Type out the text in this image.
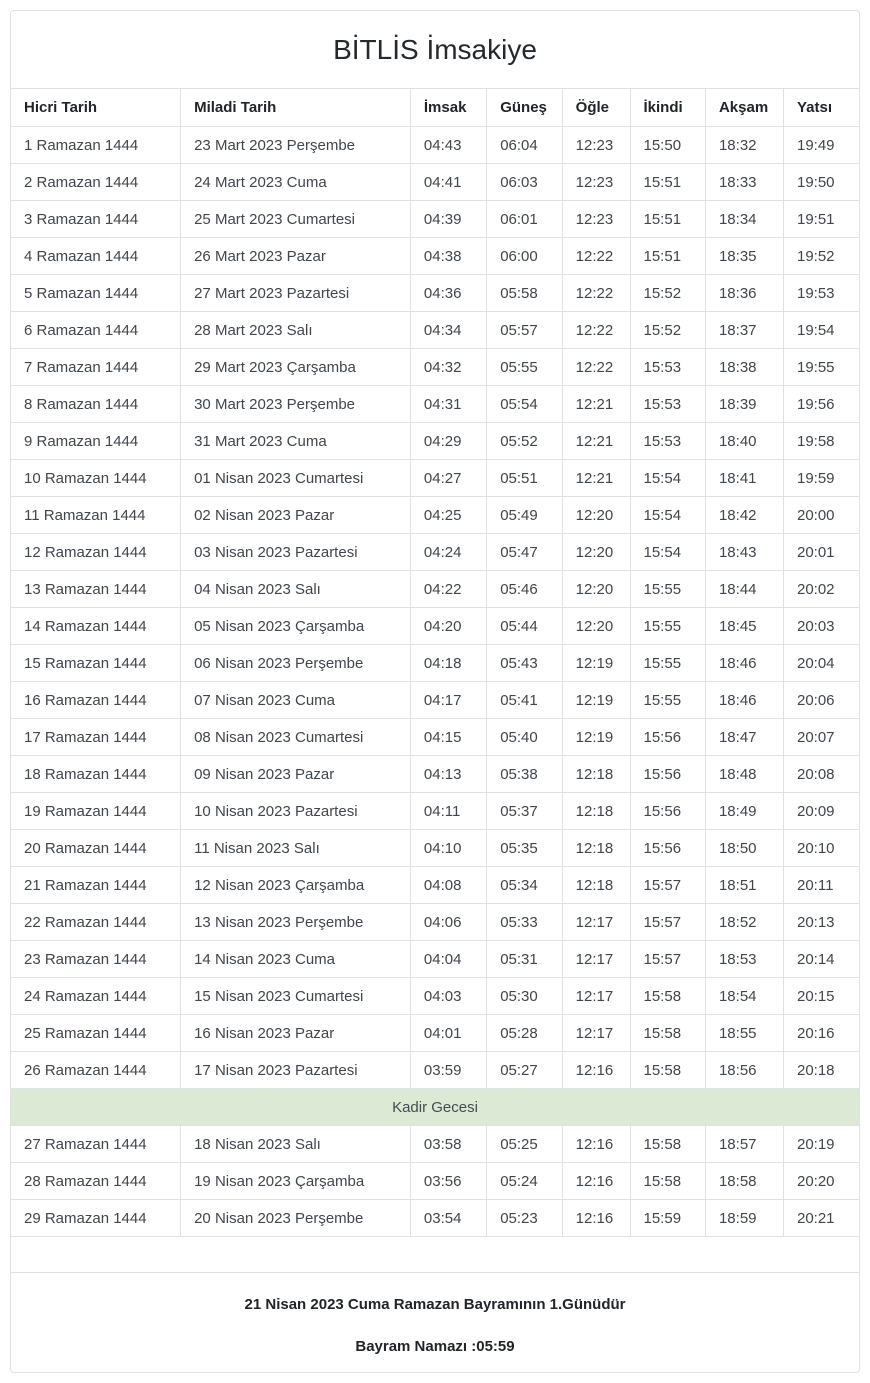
BİTLİS İmsakiye
Hicri Tarih	Miladi Tarih	İmsak	Güneş	Öğle	İkindi	Akşam	Yatsı
1 Ramazan 1444	23 Mart 2023 Perşembe	04:43	06:04	12:23	15:50	18:32	19:49
2 Ramazan 1444	24 Mart 2023 Cuma	04:41	06:03	12:23	15:51	18:33	19:50
3 Ramazan 1444	25 Mart 2023 Cumartesi	04:39	06:01	12:23	15:51	18:34	19:51
4 Ramazan 1444	26 Mart 2023 Pazar	04:38	06:00	12:22	15:51	18:35	19:52
5 Ramazan 1444	27 Mart 2023 Pazartesi	04:36	05:58	12:22	15:52	18:36	19:53
6 Ramazan 1444	28 Mart 2023 Salı	04:34	05:57	12:22	15:52	18:37	19:54
7 Ramazan 1444	29 Mart 2023 Çarşamba	04:32	05:55	12:22	15:53	18:38	19:55
8 Ramazan 1444	30 Mart 2023 Perşembe	04:31	05:54	12:21	15:53	18:39	19:56
9 Ramazan 1444	31 Mart 2023 Cuma	04:29	05:52	12:21	15:53	18:40	19:58
10 Ramazan 1444	01 Nisan 2023 Cumartesi	04:27	05:51	12:21	15:54	18:41	19:59
11 Ramazan 1444	02 Nisan 2023 Pazar	04:25	05:49	12:20	15:54	18:42	20:00
12 Ramazan 1444	03 Nisan 2023 Pazartesi	04:24	05:47	12:20	15:54	18:43	20:01
13 Ramazan 1444	04 Nisan 2023 Salı	04:22	05:46	12:20	15:55	18:44	20:02
14 Ramazan 1444	05 Nisan 2023 Çarşamba	04:20	05:44	12:20	15:55	18:45	20:03
15 Ramazan 1444	06 Nisan 2023 Perşembe	04:18	05:43	12:19	15:55	18:46	20:04
16 Ramazan 1444	07 Nisan 2023 Cuma	04:17	05:41	12:19	15:55	18:46	20:06
17 Ramazan 1444	08 Nisan 2023 Cumartesi	04:15	05:40	12:19	15:56	18:47	20:07
18 Ramazan 1444	09 Nisan 2023 Pazar	04:13	05:38	12:18	15:56	18:48	20:08
19 Ramazan 1444	10 Nisan 2023 Pazartesi	04:11	05:37	12:18	15:56	18:49	20:09
20 Ramazan 1444	11 Nisan 2023 Salı	04:10	05:35	12:18	15:56	18:50	20:10
21 Ramazan 1444	12 Nisan 2023 Çarşamba	04:08	05:34	12:18	15:57	18:51	20:11
22 Ramazan 1444	13 Nisan 2023 Perşembe	04:06	05:33	12:17	15:57	18:52	20:13
23 Ramazan 1444	14 Nisan 2023 Cuma	04:04	05:31	12:17	15:57	18:53	20:14
24 Ramazan 1444	15 Nisan 2023 Cumartesi	04:03	05:30	12:17	15:58	18:54	20:15
25 Ramazan 1444	16 Nisan 2023 Pazar	04:01	05:28	12:17	15:58	18:55	20:16
26 Ramazan 1444	17 Nisan 2023 Pazartesi	03:59	05:27	12:16	15:58	18:56	20:18
Kadir Gecesi							
27 Ramazan 1444	18 Nisan 2023 Salı	03:58	05:25	12:16	15:58	18:57	20:19
28 Ramazan 1444	19 Nisan 2023 Çarşamba	03:56	05:24	12:16	15:58	18:58	20:20
29 Ramazan 1444	20 Nisan 2023 Perşembe	03:54	05:23	12:16	15:59	18:59	20:21

21 Nisan 2023 Cuma Ramazan Bayramının 1.Günüdür
Bayram Namazı :05:59
